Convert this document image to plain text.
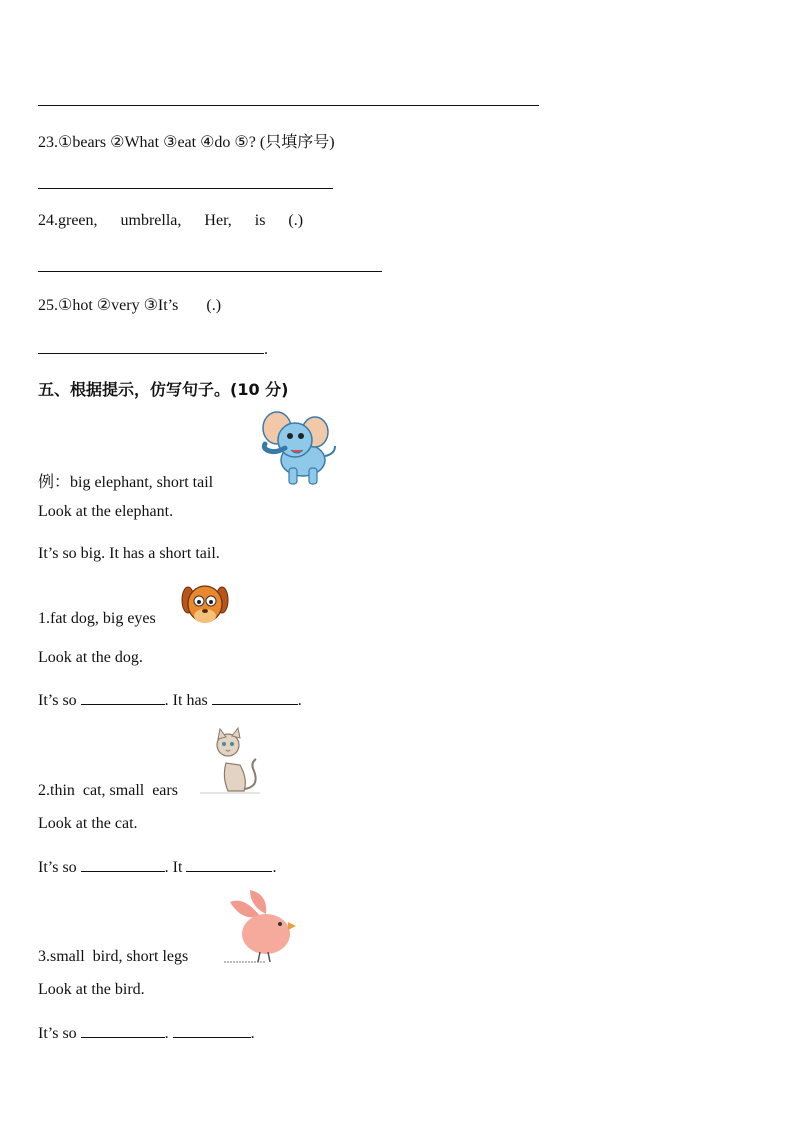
23.①bears ②What ③eat ④do ⑤? (只填序号)
24.green, umbrella, Her, is (.)
25.①hot ②very ③It’s (.)
.
五、根据提示，仿写句子。(10 分)
例：big elephant, short tail
Look at the elephant.
It’s so big. It has a short tail.
1.fat dog, big eyes
Look at the dog.
It’s so	. It has	.
2.thin  cat, small  ears
Look at the cat.
It’s so	. It	.
3.small  bird, short legs
Look at the bird.
It’s so	.	.
